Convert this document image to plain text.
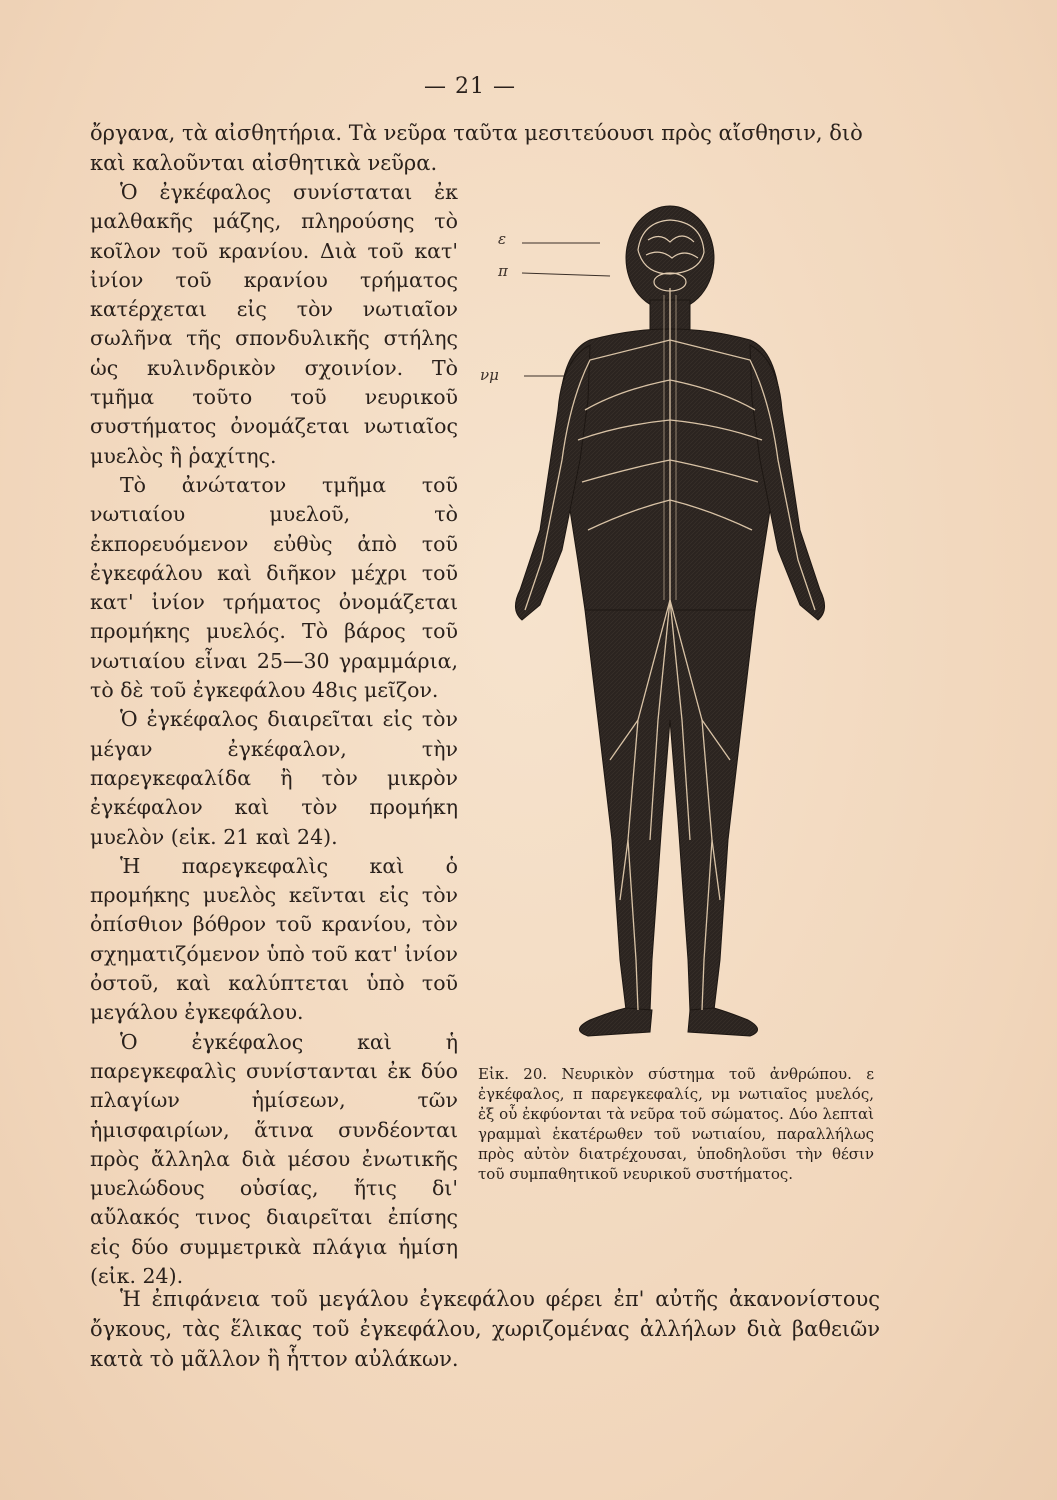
— 21 —

ὄργανα, τὰ αἰσθητήρια. Τὰ νεῦρα ταῦτα μεσιτεύουσι πρὸς αἴσθησιν, διὸ καὶ καλοῦνται αἰσθητικὰ νεῦρα.

Ὁ ἐγκέφαλος συνίσταται ἐκ μαλθακῆς μάζης, πληρούσης τὸ κοῖλον τοῦ κρανίου. Διὰ τοῦ κατ' ἰνίον τοῦ κρανίου τρήματος κατέρχεται εἰς τὸν νωτιαῖον σωλῆνα τῆς σπονδυλικῆς στήλης ὡς κυλινδρικὸν σχοινίον. Τὸ τμῆμα τοῦτο τοῦ νευρικοῦ συστήματος ὀνομάζεται νωτιαῖος μυελὸς ἢ ῥαχίτης.

Τὸ ἀνώτατον τμῆμα τοῦ νωτιαίου μυελοῦ, τὸ ἐκπορευόμενον εὐθὺς ἀπὸ τοῦ ἐγκεφάλου καὶ διῆκον μέχρι τοῦ κατ' ἰνίον τρήματος ὀνομάζεται προμήκης μυελός. Τὸ βάρος τοῦ νωτιαίου εἶναι 25—30 γραμμάρια, τὸ δὲ τοῦ ἐγκεφάλου 48ις μεῖζον.

Ὁ ἐγκέφαλος διαιρεῖται εἰς τὸν μέγαν ἐγκέφαλον, τὴν παρεγκεφαλίδα ἢ τὸν μικρὸν ἐγκέφαλον καὶ τὸν προμήκη μυελὸν (εἰκ. 21 καὶ 24).

Ἡ παρεγκεφαλὶς καὶ ὁ προμήκης μυελὸς κεῖνται εἰς τὸν ὀπίσθιον βόθρον τοῦ κρανίου, τὸν σχηματιζόμενον ὑπὸ τοῦ κατ' ἰνίον ὀστοῦ, καὶ καλύπτεται ὑπὸ τοῦ μεγάλου ἐγκεφάλου.

Ὁ ἐγκέφαλος καὶ ἡ παρεγκεφαλὶς συνίστανται ἐκ δύο πλαγίων ἡμίσεων, τῶν ἡμισφαιρίων, ἅτινα συνδέονται πρὸς ἄλληλα διὰ μέσου ἐνωτικῆς μυελώδους οὐσίας, ἥτις δι' αὔλακός τινος διαιρεῖται ἐπίσης εἰς δύο συμμετρικὰ πλάγια ἡμίση (εἰκ. 24).

ε
π
νμ

Εἰκ. 20. Νευρικὸν σύστημα τοῦ ἀνθρώπου. ε ἐγκέφαλος, π παρεγκεφαλίς, νμ νωτιαῖος μυελός, ἐξ οὗ ἐκφύονται τὰ νεῦρα τοῦ σώματος. Δύο λεπταὶ γραμμαὶ ἑκατέρωθεν τοῦ νωτιαίου, παραλλήλως πρὸς αὐτὸν διατρέχουσαι, ὑποδηλοῦσι τὴν θέσιν τοῦ συμπαθητικοῦ νευρικοῦ συστήματος.

Ἡ ἐπιφάνεια τοῦ μεγάλου ἐγκεφάλου φέρει ἐπ' αὐτῆς ἀκανονίστους ὄγκους, τὰς ἕλικας τοῦ ἐγκεφάλου, χωριζομένας ἀλλήλων διὰ βαθειῶν κατὰ τὸ μᾶλλον ἢ ἧττον αὐλάκων.
